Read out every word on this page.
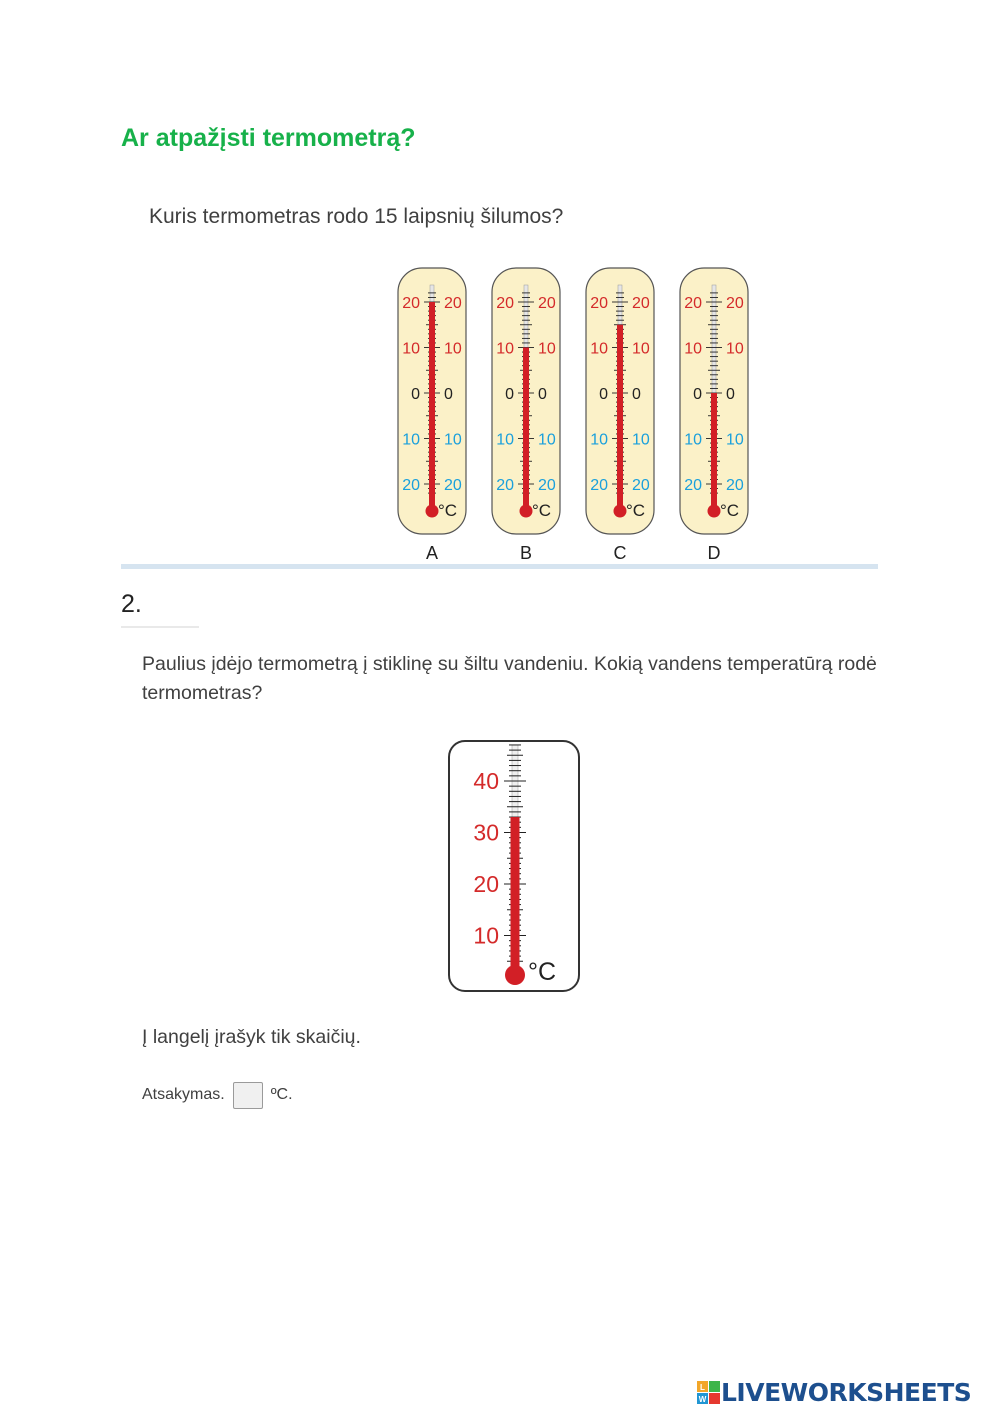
Ar atpažįsti termometrą?
Kuris termometras rodo 15 laipsnių šilumos?
20 20
10 10
0 0
10 10
20 20
°C
A
20 20
10 10
0 0
10 10
20 20
°C
B
20 20
10 10
0 0
10 10
20 20
°C
C
20 20
10 10
0 0
10 10
20 20
°C
D
2.
Paulius įdėjo termometrą į stiklinę su šiltu vandeniu. Kokią vandens temperatūrą rodė termometras?
40
30
20
10
°C
Į langelį įrašyk tik skaičių.
Atsakymas.	ºC.
L
W LIVEWORKSHEETS
